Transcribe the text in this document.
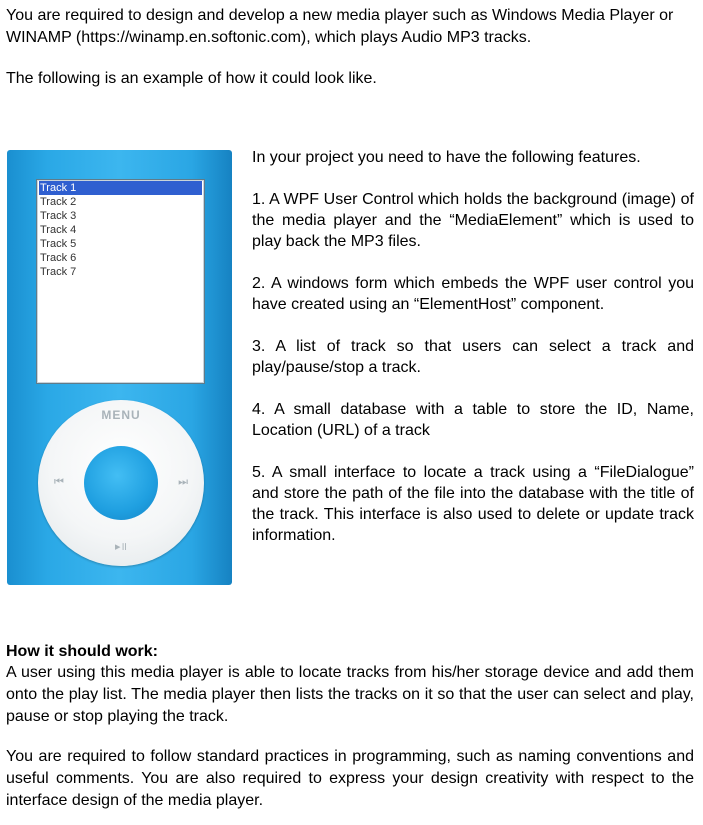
You are required to design and develop a new media player such as Windows Media Player or WINAMP (https://winamp.en.softonic.com), which plays Audio MP3 tracks.

The following is an example of how it could look like.

Track 1
Track 2
Track 3
Track 4
Track 5
Track 6
Track 7
MENU
⏮	⏭
▸॥

In your project you need to have the following features.

1. A WPF User Control which holds the background (image) of the media player and the “MediaElement” which is used to play back the MP3 files.

2. A windows form which embeds the WPF user control you have created using an “ElementHost” component.

3. A list of track so that users can select a track and play/pause/stop a track.

4. A small database with a table to store the ID, Name, Location (URL) of a track

5. A small interface to locate a track using a “FileDialogue” and store the path of the file into the database with the title of the track. This interface is also used to delete or update track information.

How it should work:

A user using this media player is able to locate tracks from his/her storage device and add them onto the play list. The media player then lists the tracks on it so that the user can select and play, pause or stop playing the track.

You are required to follow standard practices in programming, such as naming conventions and useful comments. You are also required to express your design creativity with respect to the interface design of the media player.
